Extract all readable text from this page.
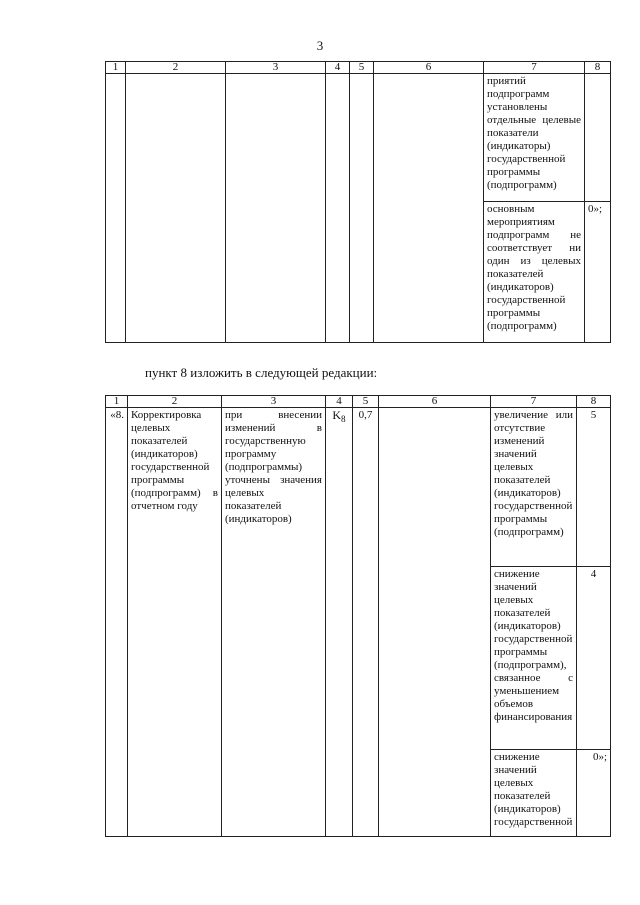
3
1	2	3	4	5	6	7	8
						приятий подпрограмм установлены отдельные целевые показатели (индикаторы) государственной программы (подпрограмм)	
						основным мероприятиям подпрограмм не соответствует ни один из целевых показателей (индикаторов) государственной программы (подпрограмм)	0»;
пункт 8 изложить в следующей редакции:
1	2	3	4	5	6	7	8
«8.	Корректировка целевых показателей (индикаторов) государственной программы (подпрограмм) в отчетном году	при внесении изменений в государственную программу (подпрограммы) уточнены значения целевых показателей (индикаторов)	$K_8$	0,7		увеличение или отсутствие изменений значений целевых показателей (индикаторов) государственной программы (подпрограмм)	5
						снижение значений целевых показателей (индикаторов) государственной программы (подпрограмм), связанное с уменьшением объемов финансирования	4
						снижение значений целевых показателей (индикаторов) государственной	0»;
